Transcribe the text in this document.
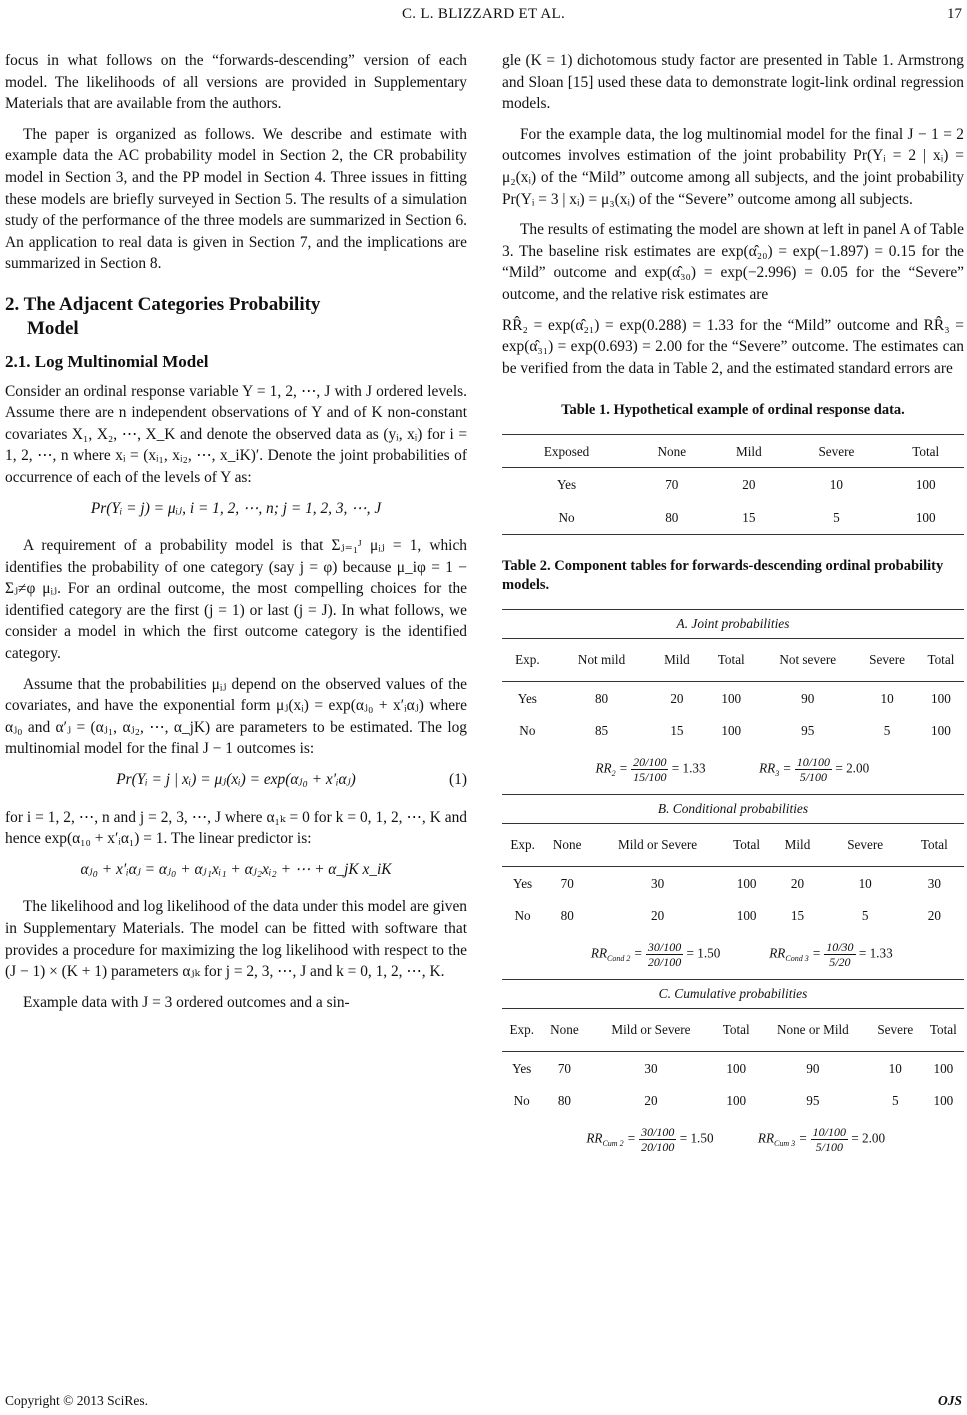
C. L. BLIZZARD ET AL.	17

focus in what follows on the “forwards-descending” version of each model. The likelihoods of all versions are provided in Supplementary Materials that are available from the authors.

The paper is organized as follows. We describe and estimate with example data the AC probability model in Section 2, the CR probability model in Section 3, and the PP model in Section 4. Three issues in fitting these models are briefly surveyed in Section 5. The results of a simulation study of the performance of the three models are summarized in Section 6. An application to real data is given in Section 7, and the implications are summarized in Section 8.

2. The Adjacent Categories Probability
Model
2.1. Log Multinomial Model

Consider an ordinal response variable Y = 1, 2, ⋯, J with J ordered levels. Assume there are n independent observations of Y and of K non-constant covariates X₁, X₂, ⋯, X_K and denote the observed data as (yᵢ, xᵢ) for i = 1, 2, ⋯, n where xᵢ = (xᵢ₁, xᵢ₂, ⋯, x_iK)′. Denote the joint probabilities of occurrence of each of the levels of Y as:

Pr(Yᵢ = j) = μᵢⱼ, i = 1, 2, ⋯, n; j = 1, 2, 3, ⋯, J

A requirement of a probability model is that Σⱼ₌₁ᴶ μᵢⱼ = 1, which identifies the probability of one category (say j = φ) because μ_iφ = 1 − Σⱼ≠φ μᵢⱼ. For an ordinal outcome, the most compelling choices for the identified category are the first (j = 1) or last (j = J). In what follows, we consider a model in which the first outcome category is the identified category.

Assume that the probabilities μᵢⱼ depend on the observed values of the covariates, and have the exponential form μⱼ(xᵢ) = exp(αⱼ₀ + x′ᵢαⱼ) where αⱼ₀ and α′ⱼ = (αⱼ₁, αⱼ₂, ⋯, α_jK) are parameters to be estimated. The log multinomial model for the final J − 1 outcomes is:

Pr(Yᵢ = j | xᵢ) = μⱼ(xᵢ) = exp(αⱼ₀ + x′ᵢαⱼ)	(1)

for i = 1, 2, ⋯, n and j = 2, 3, ⋯, J where α₁ₖ = 0 for k = 0, 1, 2, ⋯, K and hence exp(α₁₀ + x′ᵢα₁) = 1. The linear predictor is:

αⱼ₀ + x′ᵢαⱼ = αⱼ₀ + αⱼ₁xᵢ₁ + αⱼ₂xᵢ₂ + ⋯ + α_jK x_iK

The likelihood and log likelihood of the data under this model are given in Supplementary Materials. The model can be fitted with software that provides a procedure for maximizing the log likelihood with respect to the (J − 1) × (K + 1) parameters αⱼₖ for j = 2, 3, ⋯, J and k = 0, 1, 2, ⋯, K.

Example data with J = 3 ordered outcomes and a sin-

gle (K = 1) dichotomous study factor are presented in Table 1. Armstrong and Sloan [15] used these data to demonstrate logit-link ordinal regression models.

For the example data, the log multinomial model for the final J − 1 = 2 outcomes involves estimation of the joint probability Pr(Yᵢ = 2 | xᵢ) = μ₂(xᵢ) of the “Mild” outcome among all subjects, and the joint probability Pr(Yᵢ = 3 | xᵢ) = μ₃(xᵢ) of the “Severe” outcome among all subjects.

The results of estimating the model are shown at left in panel A of Table 3. The baseline risk estimates are exp(α̂₂₀) = exp(−1.897) = 0.15 for the “Mild” outcome and exp(α̂₃₀) = exp(−2.996) = 0.05 for the “Severe” outcome, and the relative risk estimates are

RR̂₂ = exp(α̂₂₁) = exp(0.288) = 1.33 for the “Mild” outcome and RR̂₃ = exp(α̂₃₁) = exp(0.693) = 2.00 for the “Severe” outcome. The estimates can be verified from the data in Table 2, and the estimated standard errors are

Table 1. Hypothetical example of ordinal response data.
Exposed	None	Mild	Severe	Total
Yes	70	20	10	100
No	80	15	5	100
Table 2. Component tables for forwards-descending ordinal probability models.
A. Joint probabilities
Exp.	Not mild	Mild	Total	Not severe	Severe	Total
Yes	80	20	100	90	10	100
No	85	15	100	95	5	100
$RR_2 = \frac{20/100}{15/100} = 1.33$				$RR_3 = \frac{10/100}{5/100} = 2.00$		
B. Conditional probabilities
Exp.	None	Mild or Severe	Total	Mild	Severe	Total
Yes	70	30	100	20	10	30
No	80	20	100	15	5	20
$RR_{Cond 2} = \frac{30/100}{20/100} = 1.50$				$RR_{Cond 3} = \frac{10/30}{5/20} = 1.33$		
C. Cumulative probabilities
Exp.	None	Mild or Severe	Total	None or Mild	Severe	Total
Yes	70	30	100	90	10	100
No	80	20	100	95	5	100
$RR_{Cum 2} = \frac{30/100}{20/100} = 1.50$				$RR_{Cum 3} = \frac{10/100}{5/100} = 2.00$		
Copyright © 2013 SciRes.	OJS
